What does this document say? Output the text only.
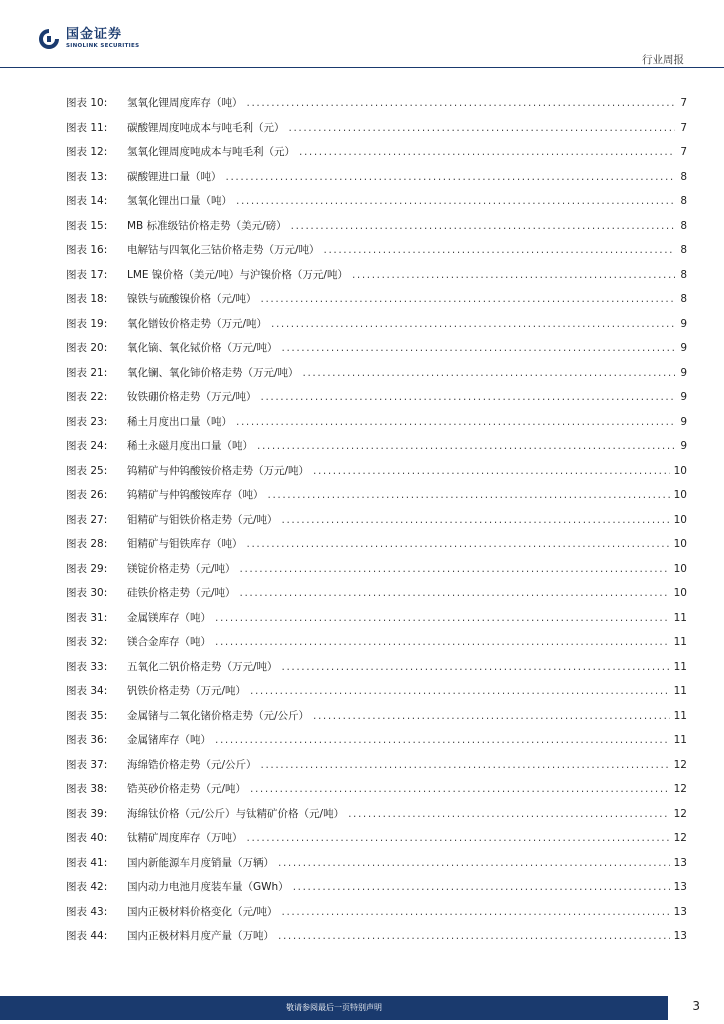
国金证券
SINOLINK SECURITIES
行业周报
图表 10:	氢氧化锂周度库存（吨） .....	7
图表 11:	碳酸锂周度吨成本与吨毛利（元） .....	7
图表 12:	氢氧化锂周度吨成本与吨毛利（元） .....	7
图表 13:	碳酸锂进口量（吨） .....	8
图表 14:	氢氧化锂出口量（吨） .....	8
图表 15:	MB 标准级钴价格走势（美元/磅） .....	8
图表 16:	电解钴与四氧化三钴价格走势（万元/吨） .....	8
图表 17:	LME 镍价格（美元/吨）与沪镍价格（万元/吨） .....	8
图表 18:	镍铁与硫酸镍价格（元/吨） .....	8
图表 19:	氧化镨钕价格走势（万元/吨） .....	9
图表 20:	氧化镝、氧化铽价格（万元/吨） .....	9
图表 21:	氧化镧、氧化铈价格走势（万元/吨） .....	9
图表 22:	钕铁硼价格走势（万元/吨） .....	9
图表 23:	稀土月度出口量（吨） .....	9
图表 24:	稀土永磁月度出口量（吨） .....	9
图表 25:	钨精矿与仲钨酸铵价格走势（万元/吨） .....	10
图表 26:	钨精矿与仲钨酸铵库存（吨） .....	10
图表 27:	钼精矿与钼铁价格走势（元/吨） .....	10
图表 28:	钼精矿与钼铁库存（吨） .....	10
图表 29:	镁锭价格走势（元/吨） .....	10
图表 30:	硅铁价格走势（元/吨） .....	10
图表 31:	金属镁库存（吨） .....	11
图表 32:	镁合金库存（吨） .....	11
图表 33:	五氧化二钒价格走势（万元/吨） .....	11
图表 34:	钒铁价格走势（万元/吨） .....	11
图表 35:	金属锗与二氧化锗价格走势（元/公斤） .....	11
图表 36:	金属锗库存（吨） .....	11
图表 37:	海绵锆价格走势（元/公斤） .....	12
图表 38:	锆英砂价格走势（元/吨） .....	12
图表 39:	海绵钛价格（元/公斤）与钛精矿价格（元/吨） .....	12
图表 40:	钛精矿周度库存（万吨） .....	12
图表 41:	国内新能源车月度销量（万辆） .....	13
图表 42:	国内动力电池月度装车量（GWh） .....	13
图表 43:	国内正极材料价格变化（元/吨） .....	13
图表 44:	国内正极材料月度产量（万吨） .....	13
敬请参阅最后一页特别声明	3
